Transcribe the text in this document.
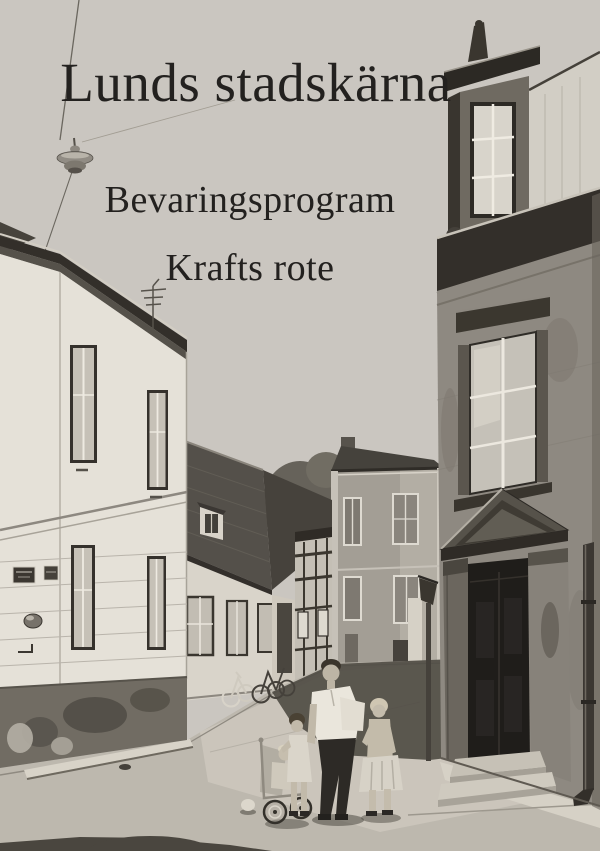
Lunds stadskärna
Bevaringsprogram
Krafts rote
